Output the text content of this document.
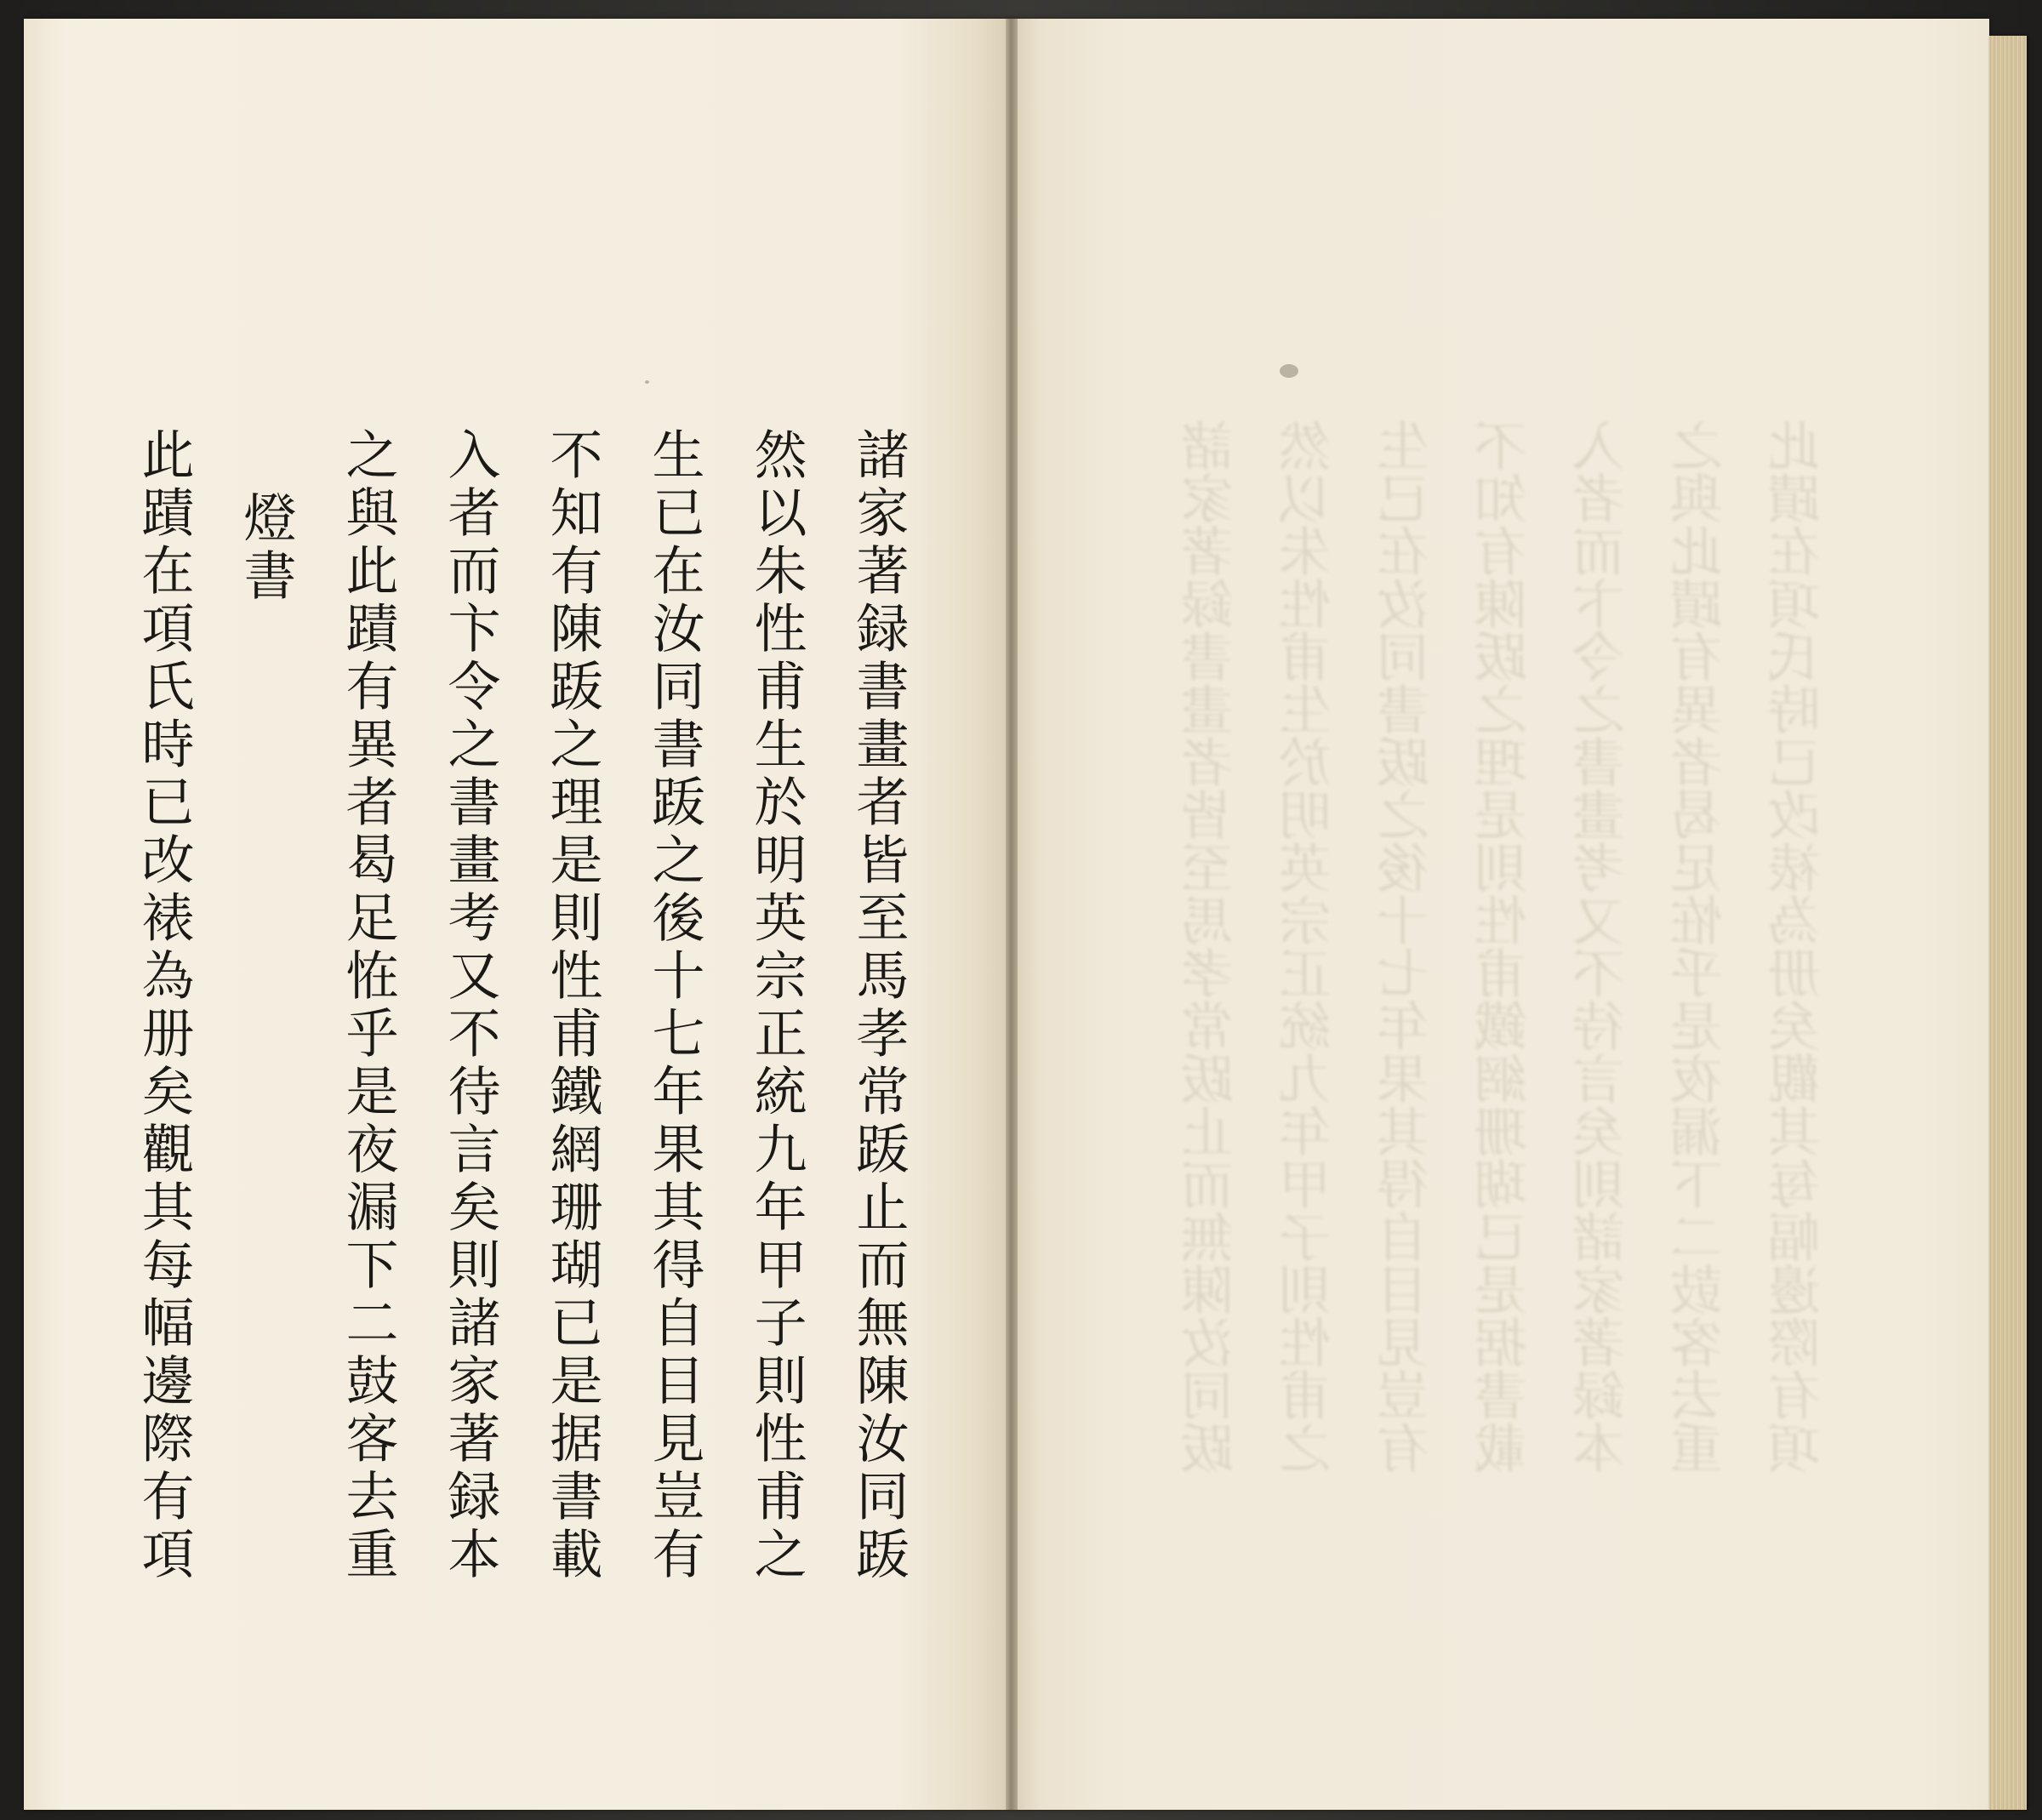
諸家著録書畫者皆至馬孝常䟦止而無陳汝同䟦
然以朱性甫生於明英宗正統九年甲子則性甫之
生已在汝同書䟦之後十七年果其得自目見豈有
不知有陳䟦之理是則性甫鐵網珊瑚已是据書載
入者而卞令之書畫考又不待言矣則諸家著録本
之與此蹟有異者曷足恠乎是夜漏下二鼓客去重
燈書
此蹟在項氏時已改裱為册矣觀其每幅邊際有項	諸家著録書畫者皆至馬孝常䟦止而無陳汝同䟦 然以朱性甫生於明英宗正統九年甲子則性甫之 生已在汝同書䟦之後十七年果其得自目見豈有 不知有陳䟦之理是則性甫鐵網珊瑚已是据書載 入者而卞令之書畫考又不待言矣則諸家著録本 之與此蹟有異者曷足恠乎是夜漏下二鼓客去重 此蹟在項氏時已改裱為册矣觀其每幅邊際有項
